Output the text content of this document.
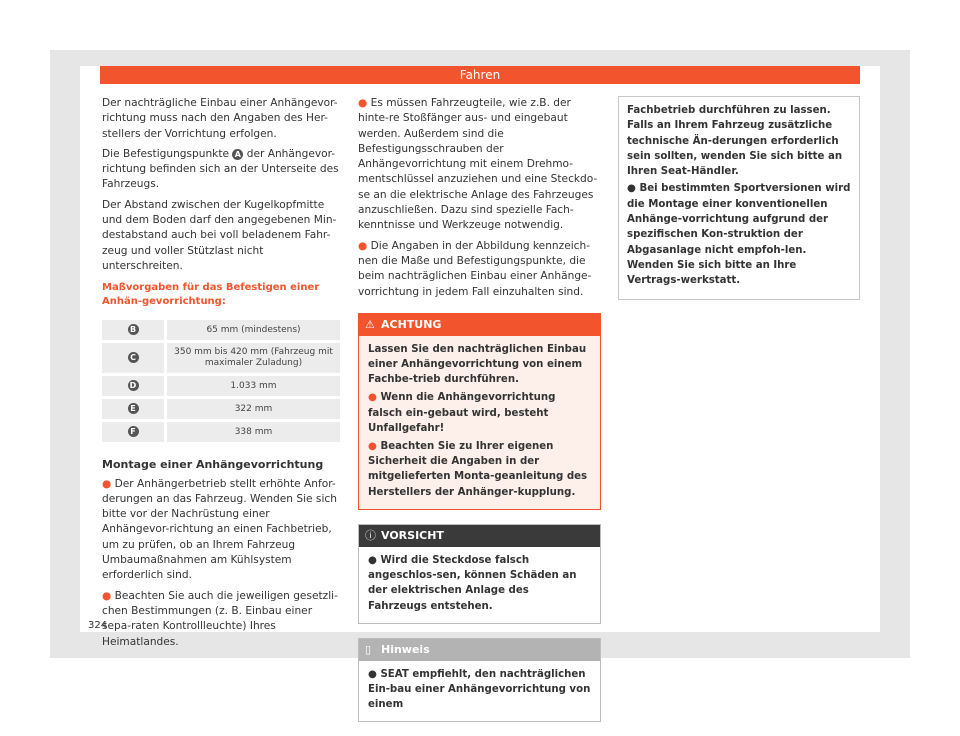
Fahren

Der nachträgliche Einbau einer Anhängevor-richtung muss nach den Angaben des Her-stellers der Vorrichtung erfolgen.

Die Befestigungspunkte A der Anhängevor-richtung befinden sich an der Unterseite des Fahrzeugs.

Der Abstand zwischen der Kugelkopfmitte und dem Boden darf den angegebenen Min-destabstand auch bei voll beladenem Fahr-zeug und voller Stützlast nicht unterschreiten.

Maßvorgaben für das Befestigen einer Anhän-gevorrichtung:
B	65 mm (mindestens)
C	350 mm bis 420 mm (Fahrzeug mit maximaler Zuladung)
D	1.033 mm
E	322 mm
F	338 mm
Montage einer Anhängevorrichtung

● Der Anhängerbetrieb stellt erhöhte Anfor-derungen an das Fahrzeug. Wenden Sie sich bitte vor der Nachrüstung einer Anhängevor-richtung an einen Fachbetrieb, um zu prüfen, ob an Ihrem Fahrzeug Umbaumaßnahmen am Kühlsystem erforderlich sind.

● Beachten Sie auch die jeweiligen gesetzli-chen Bestimmungen (z. B. Einbau einer sepa-raten Kontrollleuchte) Ihres Heimatlandes.

● Es müssen Fahrzeugteile, wie z.B. der hinte-re Stoßfänger aus- und eingebaut werden. Außerdem sind die Befestigungsschrauben der Anhängevorrichtung mit einem Drehmo-mentschlüssel anzuziehen und eine Steckdo-se an die elektrische Anlage des Fahrzeuges anzuschließen. Dazu sind spezielle Fach-kenntnisse und Werkzeuge notwendig.

● Die Angaben in der Abbildung kennzeich-nen die Maße und Befestigungspunkte, die beim nachträglichen Einbau einer Anhänge-vorrichtung in jedem Fall einzuhalten sind.

⚠ ACHTUNG

Lassen Sie den nachträglichen Einbau einer Anhängevorrichtung von einem Fachbe-trieb durchführen.

● Wenn die Anhängevorrichtung falsch ein-gebaut wird, besteht Unfallgefahr!

● Beachten Sie zu Ihrer eigenen Sicherheit die Angaben in der mitgelieferten Monta-geanleitung des Herstellers der Anhänger-kupplung.

ⓘ VORSICHT

● Wird die Steckdose falsch angeschlos-sen, können Schäden an der elektrischen Anlage des Fahrzeugs entstehen.

▯ Hinweis

● SEAT empfiehlt, den nachträglichen Ein-bau einer Anhängevorrichtung von einem

Fachbetrieb durchführen zu lassen. Falls an Ihrem Fahrzeug zusätzliche technische Än-derungen erforderlich sein sollten, wenden Sie sich bitte an Ihren Seat-Händler.

● Bei bestimmten Sportversionen wird die Montage einer konventionellen Anhänge-vorrichtung aufgrund der spezifischen Kon-struktion der Abgasanlage nicht empfoh-len. Wenden Sie sich bitte an Ihre Vertrags-werkstatt.

324
